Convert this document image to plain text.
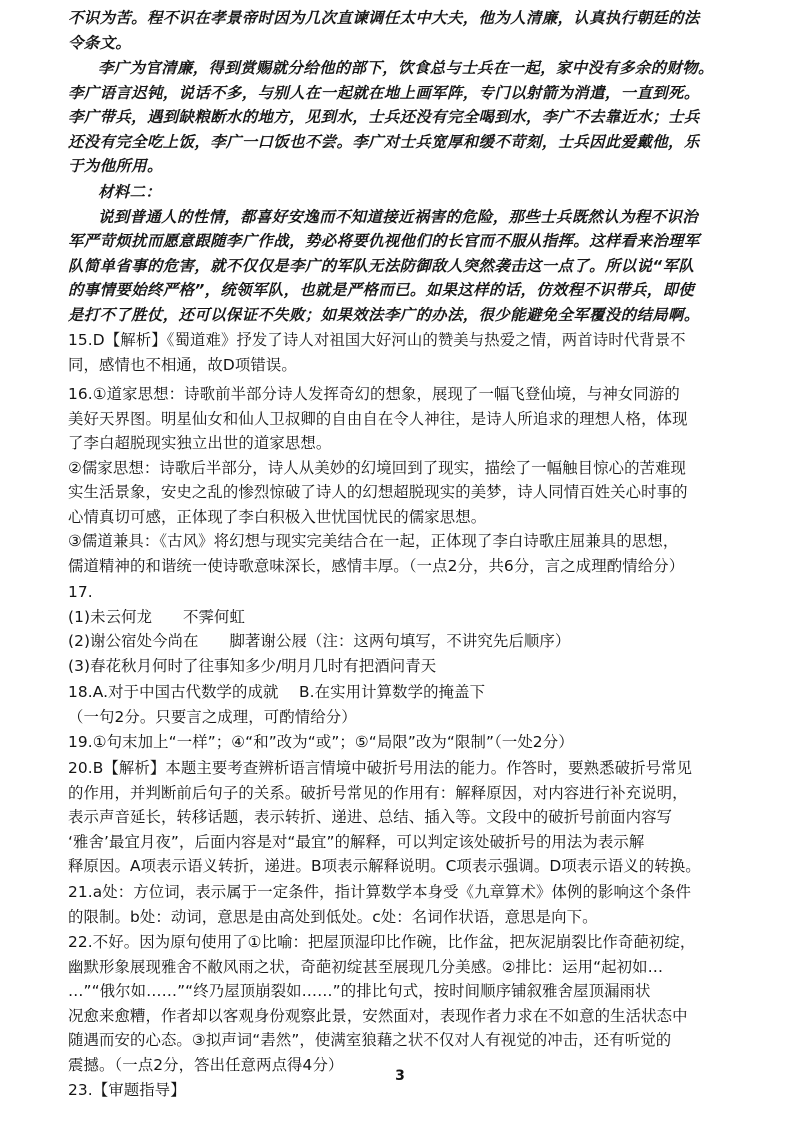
不识为苦。程不识在孝景帝时因为几次直谏调任太中大夫，他为人清廉，认真执行朝廷的法
令条文。
李广为官清廉，得到赏赐就分给他的部下，饮食总与士兵在一起，家中没有多余的财物。
李广语言迟钝，说话不多，与别人在一起就在地上画军阵，专门以射箭为消遣，一直到死。
李广带兵，遇到缺粮断水的地方，见到水，士兵还没有完全喝到水，李广不去靠近水；士兵
还没有完全吃上饭，李广一口饭也不尝。李广对士兵宽厚和缓不苛刻，士兵因此爱戴他，乐
于为他所用。
材料二：
说到普通人的性情，都喜好安逸而不知道接近祸害的危险，那些士兵既然认为程不识治
军严苛烦扰而愿意跟随李广作战，势必将要仇视他们的长官而不服从指挥。这样看来治理军
队简单省事的危害，就不仅仅是李广的军队无法防御敌人突然袭击这一点了。所以说“军队
的事情要始终严格”，统领军队，也就是严格而已。如果这样的话，仿效程不识带兵，即使
是打不了胜仗，还可以保证不失败；如果效法李广的办法，很少能避免全军覆没的结局啊。
15.D【解析】《蜀道难》抒发了诗人对祖国大好河山的赞美与热爱之情，两首诗时代背景不
同，感情也不相通，故D项错误。
16.①道家思想：诗歌前半部分诗人发挥奇幻的想象，展现了一幅飞登仙境，与神女同游的
美好天界图。明星仙女和仙人卫叔卿的自由自在令人神往，是诗人所追求的理想人格，体现
了李白超脱现实独立出世的道家思想。
②儒家思想：诗歌后半部分，诗人从美妙的幻境回到了现实，描绘了一幅触目惊心的苦难现
实生活景象，安史之乱的惨烈惊破了诗人的幻想超脱现实的美梦，诗人同情百姓关心时事的
心情真切可感，正体现了李白积极入世忧国忧民的儒家思想。
③儒道兼具：《古风》将幻想与现实完美结合在一起，正体现了李白诗歌庄屈兼具的思想，
儒道精神的和谐统一使诗歌意味深长，感情丰厚。（一点2分，共6分，言之成理酌情给分）
17.
(1)未云何龙　　不霁何虹
(2)谢公宿处今尚在　　脚著谢公屐（注：这两句填写，不讲究先后顺序）
(3)春花秋月何时了往事知多少/明月几时有把酒问青天
18.A.对于中国古代数学的成就　 B.在实用计算数学的掩盖下
（一句2分。只要言之成理，可酌情给分）
19.①句末加上“一样”；④“和”改为“或”；⑤“局限”改为“限制”（一处2分）
20.B【解析】本题主要考查辨析语言情境中破折号用法的能力。作答时，要熟悉破折号常见
的作用，并判断前后句子的关系。破折号常见的作用有：解释原因，对内容进行补充说明，
表示声音延长，转移话题，表示转折、递进、总结、插入等。文段中的破折号前面内容写
‘雅舍’最宜月夜”，后面内容是对“最宜”的解释，可以判定该处破折号的用法为表示解
释原因。A项表示语义转折，递进。B项表示解释说明。C项表示强调。D项表示语义的转换。
21.a处：方位词，表示属于一定条件，指计算数学本身受《九章算术》体例的影响这个条件
的限制。b处：动词，意思是由高处到低处。c处：名词作状语，意思是向下。
22.不好。因为原句使用了①比喻：把屋顶湿印比作碗，比作盆，把灰泥崩裂比作奇葩初绽，
幽默形象展现雅舍不敝风雨之状，奇葩初绽甚至展现几分美感。②排比：运用“起初如…
…”“俄尔如……”“终乃屋顶崩裂如……”的排比句式，按时间顺序铺叙雅舍屋顶漏雨状
况愈来愈糟，作者却以客观身份观察此景，安然面对，表现作者力求在不如意的生活状态中
随遇而安的心态。③拟声词“砉然”，使满室狼藉之状不仅对人有视觉的冲击，还有听觉的
震撼。（一点2分，答出任意两点得4分）
23.【审题指导】
3
